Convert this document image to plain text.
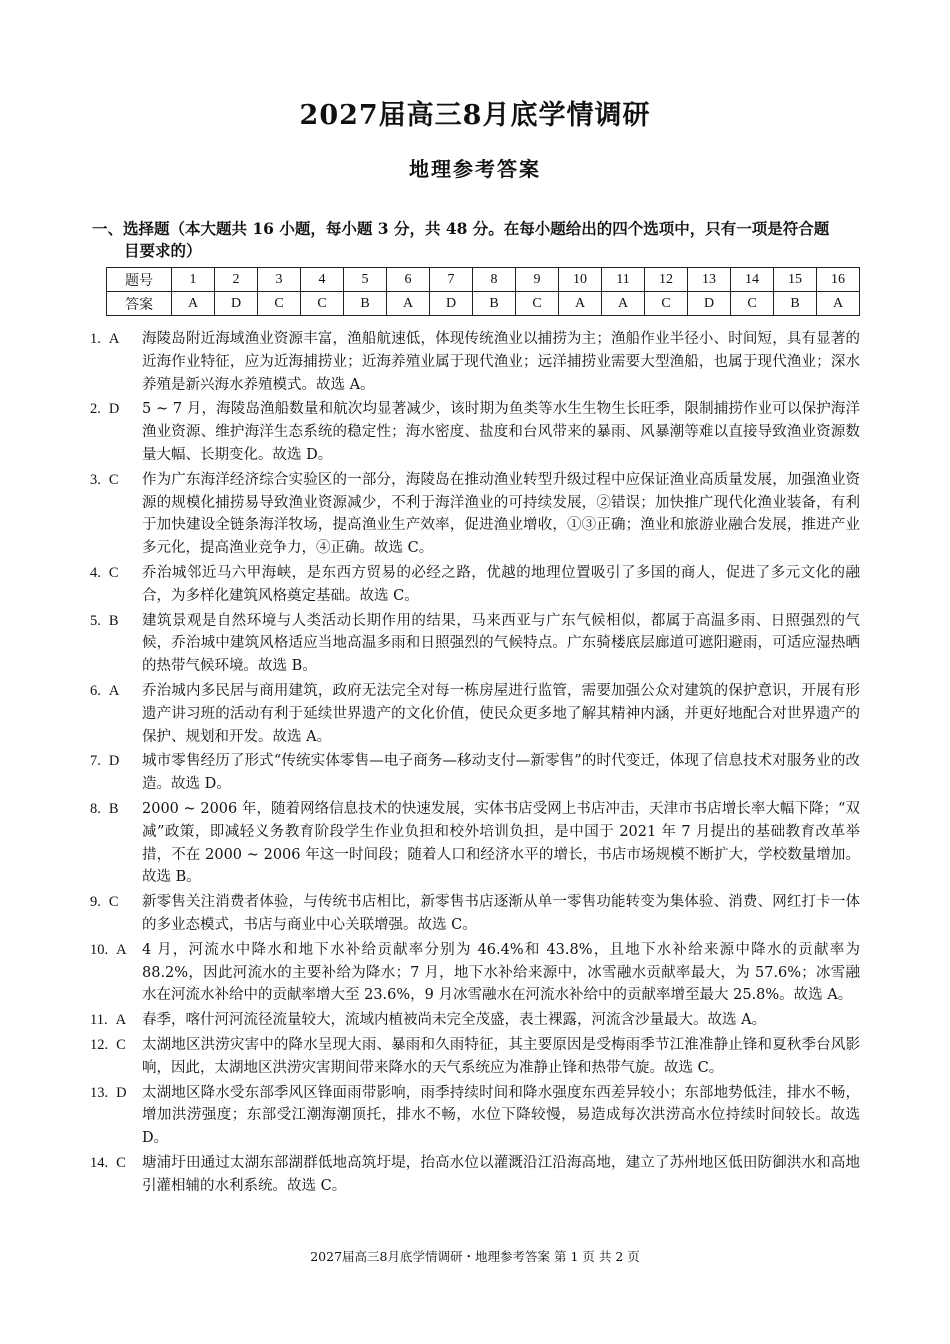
2027届高三8月底学情调研
地理参考答案
一、选择题（本大题共 16 小题，每小题 3 分，共 48 分。在每小题给出的四个选项中，只有一项是符合题
目要求的）
题号	1	2	3	4	5	6	7	8	9	10	11	12	13	14	15	16
答案	A	D	C	C	B	A	D	B	C	A	A	C	D	C	B	A
1. A	海陵岛附近海域渔业资源丰富，渔船航速低，体现传统渔业以捕捞为主；渔船作业半径小、时间短，具有显著的近海作业特征，应为近海捕捞业；近海养殖业属于现代渔业；远洋捕捞业需要大型渔船，也属于现代渔业；深水养殖是新兴海水养殖模式。故选 A。
2. D	5 ~ 7 月，海陵岛渔船数量和航次均显著减少，该时期为鱼类等水生生物生长旺季，限制捕捞作业可以保护海洋渔业资源、维护海洋生态系统的稳定性；海水密度、盐度和台风带来的暴雨、风暴潮等难以直接导致渔业资源数量大幅、长期变化。故选 D。
3. C	作为广东海洋经济综合实验区的一部分，海陵岛在推动渔业转型升级过程中应保证渔业高质量发展，加强渔业资源的规模化捕捞易导致渔业资源减少，不利于海洋渔业的可持续发展，②错误；加快推广现代化渔业装备，有利于加快建设全链条海洋牧场，提高渔业生产效率，促进渔业增收，①③正确；渔业和旅游业融合发展，推进产业多元化，提高渔业竞争力，④正确。故选 C。
4. C	乔治城邻近马六甲海峡，是东西方贸易的必经之路，优越的地理位置吸引了多国的商人，促进了多元文化的融合，为多样化建筑风格奠定基础。故选 C。
5. B	建筑景观是自然环境与人类活动长期作用的结果，马来西亚与广东气候相似，都属于高温多雨、日照强烈的气候，乔治城中建筑风格适应当地高温多雨和日照强烈的气候特点。广东骑楼底层廊道可遮阳避雨，可适应湿热晒的热带气候环境。故选 B。
6. A	乔治城内多民居与商用建筑，政府无法完全对每一栋房屋进行监管，需要加强公众对建筑的保护意识，开展有形遗产讲习班的活动有利于延续世界遗产的文化价值，使民众更多地了解其精神内涵，并更好地配合对世界遗产的保护、规划和开发。故选 A。
7. D	城市零售经历了形式“传统实体零售—电子商务—移动支付—新零售”的时代变迁，体现了信息技术对服务业的改造。故选 D。
8. B	2000 ~ 2006 年，随着网络信息技术的快速发展，实体书店受网上书店冲击，天津市书店增长率大幅下降；“双减”政策，即减轻义务教育阶段学生作业负担和校外培训负担，是中国于 2021 年 7 月提出的基础教育改革举措，不在 2000 ~ 2006 年这一时间段；随着人口和经济水平的增长，书店市场规模不断扩大，学校数量增加。故选 B。
9. C	新零售关注消费者体验，与传统书店相比，新零售书店逐渐从单一零售功能转变为集体验、消费、网红打卡一体的多业态模式，书店与商业中心关联增强。故选 C。
10. A	4 月，河流水中降水和地下水补给贡献率分别为 46.4%和 43.8%，且地下水补给来源中降水的贡献率为 88.2%，因此河流水的主要补给为降水；7 月，地下水补给来源中，冰雪融水贡献率最大，为 57.6%；冰雪融水在河流水补给中的贡献率增大至 23.6%，9 月冰雪融水在河流水补给中的贡献率增至最大 25.8%。故选 A。
11. A	春季，喀什河河流径流量较大，流域内植被尚未完全茂盛，表土裸露，河流含沙量最大。故选 A。
12. C	太湖地区洪涝灾害中的降水呈现大雨、暴雨和久雨特征，其主要原因是受梅雨季节江淮准静止锋和夏秋季台风影响，因此，太湖地区洪涝灾害期间带来降水的天气系统应为准静止锋和热带气旋。故选 C。
13. D	太湖地区降水受东部季风区锋面雨带影响，雨季持续时间和降水强度东西差异较小；东部地势低洼，排水不畅，增加洪涝强度；东部受江潮海潮顶托，排水不畅，水位下降较慢，易造成每次洪涝高水位持续时间较长。故选 D。
14. C	塘浦圩田通过太湖东部湖群低地高筑圩堤，抬高水位以灌溉沿江沿海高地，建立了苏州地区低田防御洪水和高地引灌相辅的水利系统。故选 C。
2027届高三8月底学情调研・地理参考答案 第 1 页 共 2 页
